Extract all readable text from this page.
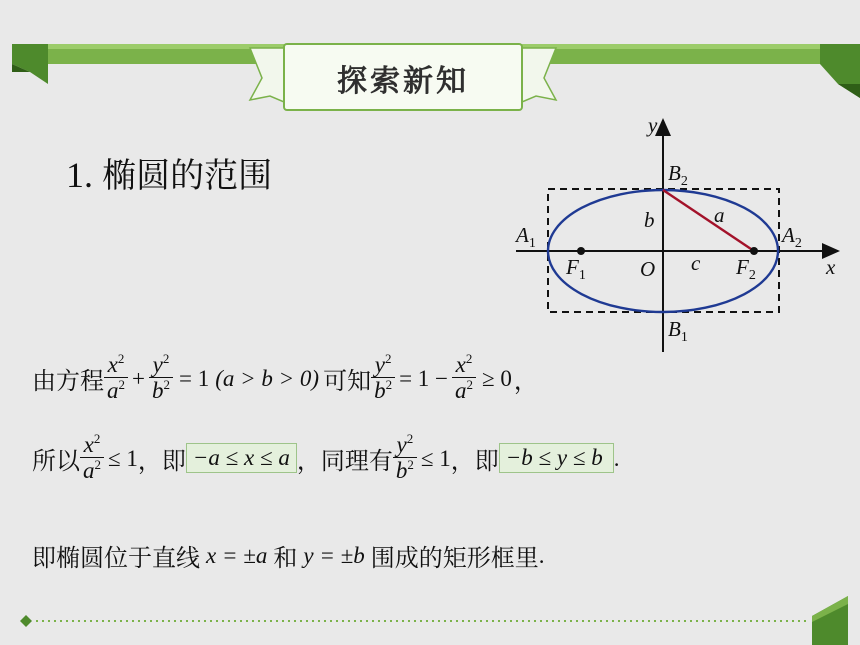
探索新知
1. 椭圆的范围
y
x
O
$A_1$	$A_2$
$B_2$
$B_1$
$F_1$	$F_2$
a
b
c
由方程 $\frac{x^2}{a^2} + \frac{y^2}{b^2} = 1$ (a > b > 0) 可知 $\frac{y^2}{b^2} = 1 - \frac{x^2}{a^2} \ge 0$ ，
所以 $\frac{x^2}{a^2} \le 1$ ，即 −a ≤ x ≤ a ，同理有 $\frac{y^2}{b^2} \le 1$ ，即 −b ≤ y ≤ b .
即椭圆位于直线 x = ±a 和 y = ±b 围成的矩形框里 .
